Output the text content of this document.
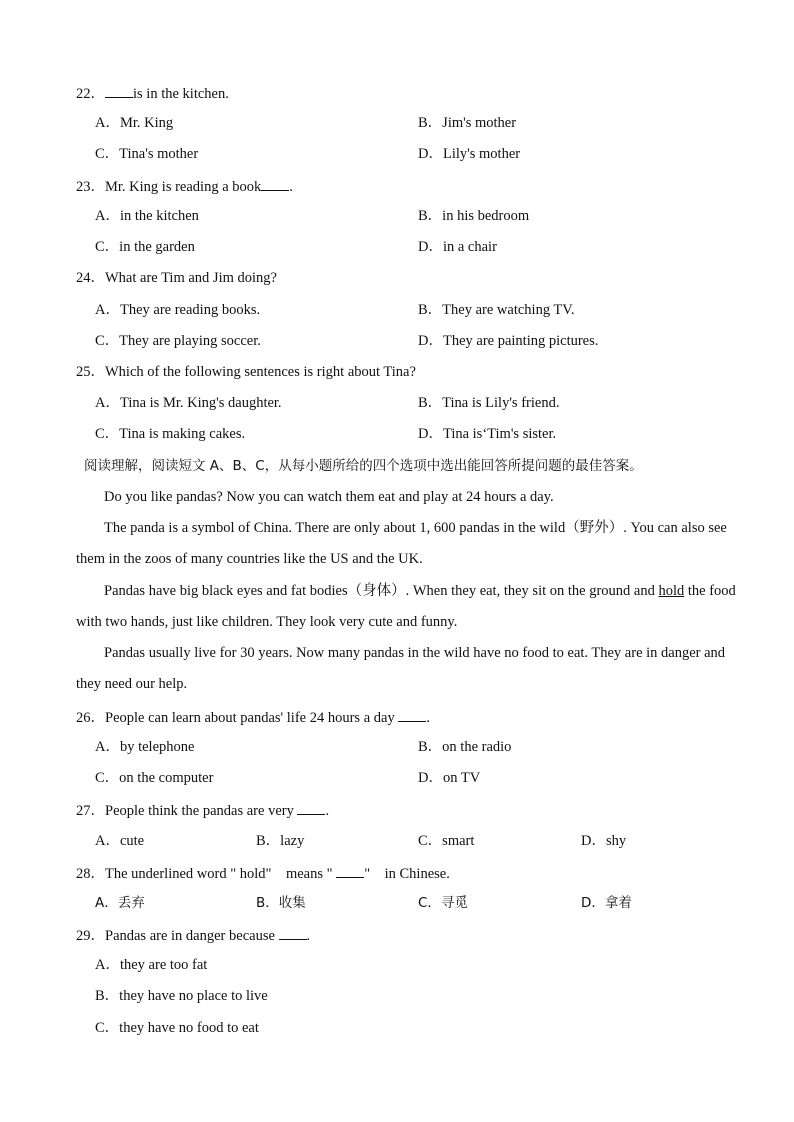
22． is in the kitchen.
A．Mr. King	B．Jim's mother
C．Tina's mother	D．Lily's mother
23．Mr. King is reading a book .
A．in the kitchen	B．in his bedroom
C．in the garden	D．in a chair
24．What are Tim and Jim doing?
A．They are reading books.	B．They are watching TV.
C．They are playing soccer.	D．They are painting pictures.
25．Which of the following sentences is right about Tina?
A．Tina is Mr. King's daughter.	B．Tina is Lily's friend.
C．Tina is making cakes.	D．Tina is‘Tim's sister.
阅读理解，阅读短文 A、B、C，从每小题所给的四个选项中选出能回答所提问题的最佳答案。
Do you like pandas? Now you can watch them eat and play at 24 hours a day.
The panda is a symbol of China. There are only about 1, 600 pandas in the wild（野外）. You can also see
them in the zoos of many countries like the US and the UK.
Pandas have big black eyes and fat bodies（身体）. When they eat, they sit on the ground and hold the food
with two hands, just like children. They look very cute and funny.
Pandas usually live for 30 years. Now many pandas in the wild have no food to eat. They are in danger and
they need our help.
26．People can learn about pandas' life 24 hours a day .
A．by telephone	B．on the radio
C．on the computer	D．on TV
27．People think the pandas are very .
A．cute	B．lazy	C．smart	D．shy
28．The underlined word " hold"　means " "　in Chinese.
A．丢弃	B．收集	C．寻觅	D．拿着
29．Pandas are in danger because .
A．they are too fat
B．they have no place to live
C．they have no food to eat
